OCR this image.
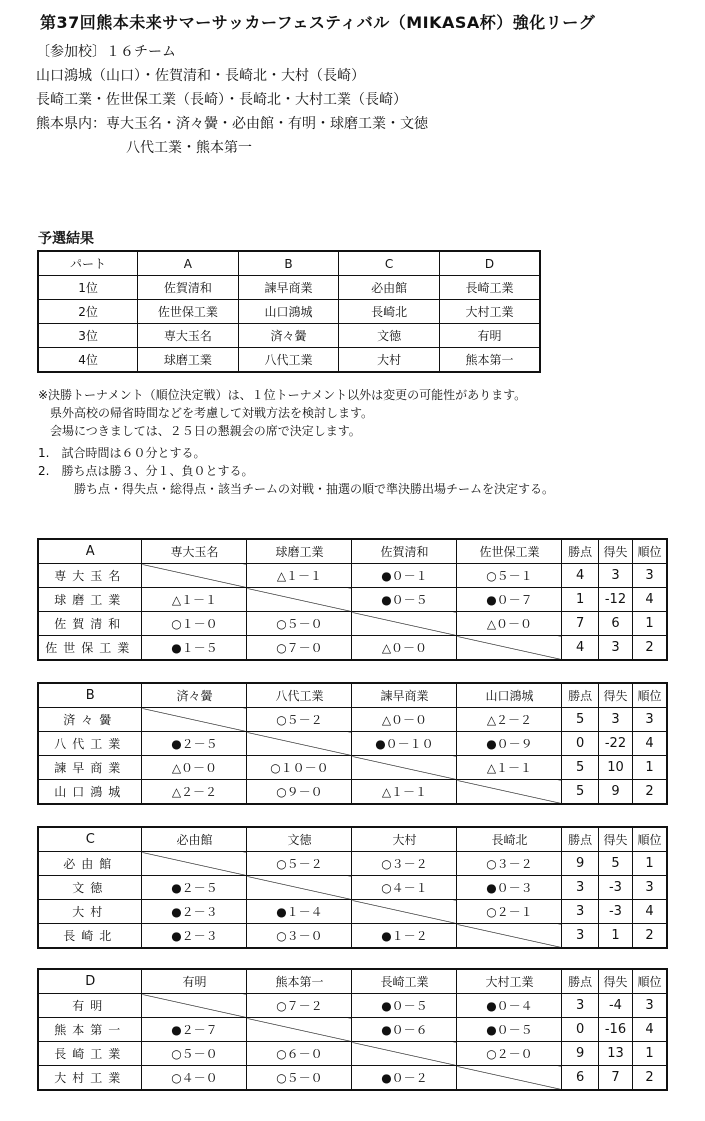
第37回熊本未来サマーサッカーフェスティバル（MIKASA杯）強化リーグ
〔参加校〕１６チーム
山口鴻城（山口）・佐賀清和・長崎北・大村（長崎）
長崎工業・佐世保工業（長崎）・長崎北・大村工業（長崎）
熊本県内：専大玉名・済々黌・必由館・有明・球磨工業・文徳
八代工業・熊本第一
予選結果
パート	A	B	C	D
1位	佐賀清和	諫早商業	必由館	長崎工業
2位	佐世保工業	山口鴻城	長崎北	大村工業
3位	専大玉名	済々黌	文徳	有明
4位	球磨工業	八代工業	大村	熊本第一
※決勝トーナメント（順位決定戦）は、１位トーナメント以外は変更の可能性があります。
県外高校の帰省時間などを考慮して対戦方法を検討します。
会場につきましては、２５日の懇親会の席で決定します。
1.　試合時間は６０分とする。
2.　勝ち点は勝３、分１、負０とする。
勝ち点・得失点・総得点・該当チームの対戦・抽選の順で準決勝出場チームを決定する。
A	専大玉名	球磨工業	佐賀清和	佐世保工業	勝点	得失	順位
専大玉名		△１－１	●０－１	○５－１	4	3	3
球磨工業	△１－１		●０－５	●０－７	1	-12	4
佐賀清和	○１－０	○５－０		△０－０	7	6	1
佐世保工業	●１－５	○７－０	△０－０		4	3	2
B	済々黌	八代工業	諫早商業	山口鴻城	勝点	得失	順位
済々黌		○５－２	△０－０	△２－２	5	3	3
八代工業	●２－５		●０－１０	●０－９	0	-22	4
諫早商業	△０－０	○１０－０		△１－１	5	10	1
山口鴻城	△２－２	○９－０	△１－１		5	9	2
C	必由館	文徳	大村	長崎北	勝点	得失	順位
必由館		○５－２	○３－２	○３－２	9	5	1
文徳	●２－５		○４－１	●０－３	3	-3	3
大村	●２－３	●１－４		○２－１	3	-3	4
長崎北	●２－３	○３－０	●１－２		3	1	2
D	有明	熊本第一	長崎工業	大村工業	勝点	得失	順位
有明		○７－２	●０－５	●０－４	3	-4	3
熊本第一	●２－７		●０－６	●０－５	0	-16	4
長崎工業	○５－０	○６－０		○２－０	9	13	1
大村工業	○４－０	○５－０	●０－２		6	7	2
